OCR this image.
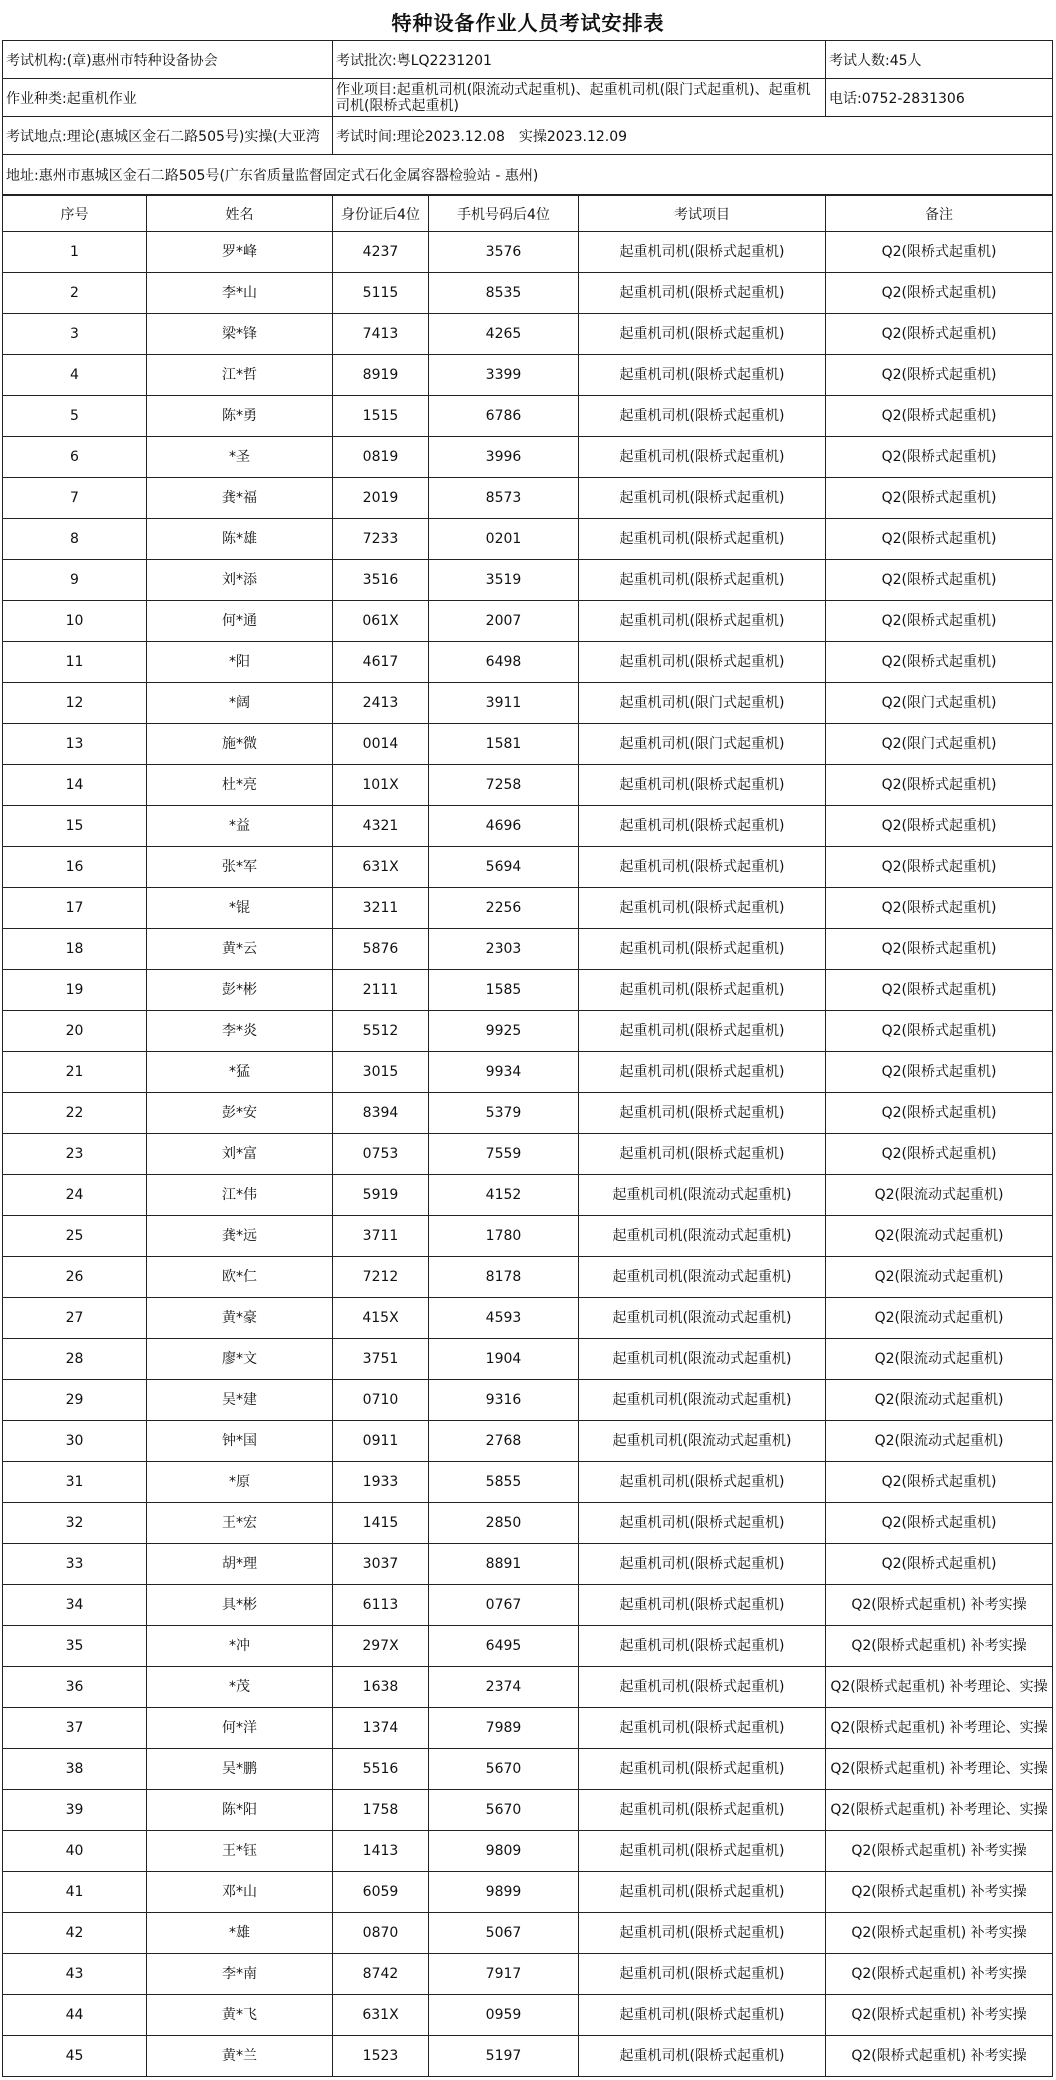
特种设备作业人员考试安排表
考试机构:(章)惠州市特种设备协会	考试批次:粤LQ2231201	考试人数:45人
作业种类:起重机作业	作业项目:起重机司机(限流动式起重机)、起重机司机(限门式起重机)、起重机司机(限桥式起重机)	电话:0752-2831306
考试地点:理论(惠城区金石二路505号)实操(大亚湾	考试时间:理论2023.12.08　实操2023.12.09	
地址:惠州市惠城区金石二路505号(广东省质量监督固定式石化金属容器检验站 - 惠州)		
序号	姓名	身份证后4位	手机号码后4位	考试项目	备注
1	罗*峰	4237	3576	起重机司机(限桥式起重机)	Q2(限桥式起重机)
2	李*山	5115	8535	起重机司机(限桥式起重机)	Q2(限桥式起重机)
3	梁*锋	7413	4265	起重机司机(限桥式起重机)	Q2(限桥式起重机)
4	江*哲	8919	3399	起重机司机(限桥式起重机)	Q2(限桥式起重机)
5	陈*勇	1515	6786	起重机司机(限桥式起重机)	Q2(限桥式起重机)
6	*圣	0819	3996	起重机司机(限桥式起重机)	Q2(限桥式起重机)
7	龚*福	2019	8573	起重机司机(限桥式起重机)	Q2(限桥式起重机)
8	陈*雄	7233	0201	起重机司机(限桥式起重机)	Q2(限桥式起重机)
9	刘*添	3516	3519	起重机司机(限桥式起重机)	Q2(限桥式起重机)
10	何*通	061X	2007	起重机司机(限桥式起重机)	Q2(限桥式起重机)
11	*阳	4617	6498	起重机司机(限桥式起重机)	Q2(限桥式起重机)
12	*阔	2413	3911	起重机司机(限门式起重机)	Q2(限门式起重机)
13	施*微	0014	1581	起重机司机(限门式起重机)	Q2(限门式起重机)
14	杜*亮	101X	7258	起重机司机(限桥式起重机)	Q2(限桥式起重机)
15	*益	4321	4696	起重机司机(限桥式起重机)	Q2(限桥式起重机)
16	张*军	631X	5694	起重机司机(限桥式起重机)	Q2(限桥式起重机)
17	*锟	3211	2256	起重机司机(限桥式起重机)	Q2(限桥式起重机)
18	黄*云	5876	2303	起重机司机(限桥式起重机)	Q2(限桥式起重机)
19	彭*彬	2111	1585	起重机司机(限桥式起重机)	Q2(限桥式起重机)
20	李*炎	5512	9925	起重机司机(限桥式起重机)	Q2(限桥式起重机)
21	*猛	3015	9934	起重机司机(限桥式起重机)	Q2(限桥式起重机)
22	彭*安	8394	5379	起重机司机(限桥式起重机)	Q2(限桥式起重机)
23	刘*富	0753	7559	起重机司机(限桥式起重机)	Q2(限桥式起重机)
24	江*伟	5919	4152	起重机司机(限流动式起重机)	Q2(限流动式起重机)
25	龚*远	3711	1780	起重机司机(限流动式起重机)	Q2(限流动式起重机)
26	欧*仁	7212	8178	起重机司机(限流动式起重机)	Q2(限流动式起重机)
27	黄*豪	415X	4593	起重机司机(限流动式起重机)	Q2(限流动式起重机)
28	廖*文	3751	1904	起重机司机(限流动式起重机)	Q2(限流动式起重机)
29	吴*建	0710	9316	起重机司机(限流动式起重机)	Q2(限流动式起重机)
30	钟*国	0911	2768	起重机司机(限流动式起重机)	Q2(限流动式起重机)
31	*原	1933	5855	起重机司机(限桥式起重机)	Q2(限桥式起重机)
32	王*宏	1415	2850	起重机司机(限桥式起重机)	Q2(限桥式起重机)
33	胡*理	3037	8891	起重机司机(限桥式起重机)	Q2(限桥式起重机)
34	具*彬	6113	0767	起重机司机(限桥式起重机)	Q2(限桥式起重机) 补考实操
35	*冲	297X	6495	起重机司机(限桥式起重机)	Q2(限桥式起重机) 补考实操
36	*茂	1638	2374	起重机司机(限桥式起重机)	Q2(限桥式起重机) 补考理论、实操
37	何*洋	1374	7989	起重机司机(限桥式起重机)	Q2(限桥式起重机) 补考理论、实操
38	吴*鹏	5516	5670	起重机司机(限桥式起重机)	Q2(限桥式起重机) 补考理论、实操
39	陈*阳	1758	5670	起重机司机(限桥式起重机)	Q2(限桥式起重机) 补考理论、实操
40	王*钰	1413	9809	起重机司机(限桥式起重机)	Q2(限桥式起重机) 补考实操
41	邓*山	6059	9899	起重机司机(限桥式起重机)	Q2(限桥式起重机) 补考实操
42	*雄	0870	5067	起重机司机(限桥式起重机)	Q2(限桥式起重机) 补考实操
43	李*南	8742	7917	起重机司机(限桥式起重机)	Q2(限桥式起重机) 补考实操
44	黄*飞	631X	0959	起重机司机(限桥式起重机)	Q2(限桥式起重机) 补考实操
45	黄*兰	1523	5197	起重机司机(限桥式起重机)	Q2(限桥式起重机) 补考实操
